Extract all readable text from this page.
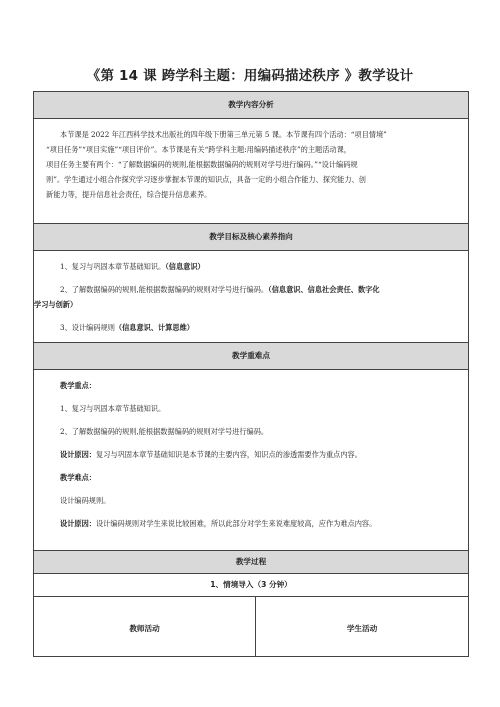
《第 14 课 跨学科主题：用编码描述秩序 》教学设计
教学内容分析

本节课是 2022 年江西科学技术出版社的四年级下册第三单元第 5 课。本节课有四个活动：“项目情境”

“项目任务”“项目实施”“项目评价”。本节课是有关“跨学科主题:用编码描述秩序”的主题活动课，

项目任务主要有两个：“了解数据编码的规则,能根据数据编码的规则对学号进行编码。”“设计编码规

则”。学生通过小组合作探究学习逐步掌握本节课的知识点，具备一定的小组合作能力、探究能力、创

新能力等，提升信息社会责任，综合提升信息素养。

教学目标及核心素养指向

1、复习与巩固本章节基础知识。（信息意识）

2、了解数据编码的规则,能根据数据编码的规则对学号进行编码。（信息意识、信息社会责任、数字化

学习与创新）

3、设计编码规则（信息意识、计算思维）

教学重难点

教学重点：

1、复习与巩固本章节基础知识。

2、了解数据编码的规则,能根据数据编码的规则对学号进行编码。

设计原因：复习与巩固本章节基础知识是本节课的主要内容，知识点的渗透需要作为重点内容。

教学难点：

设计编码规则。

设计原因：设计编码规则对学生来说比较困难，所以此部分对学生来说难度较高，应作为难点内容。

教学过程
1、情境导入（3 分钟）
教师活动	学生活动
